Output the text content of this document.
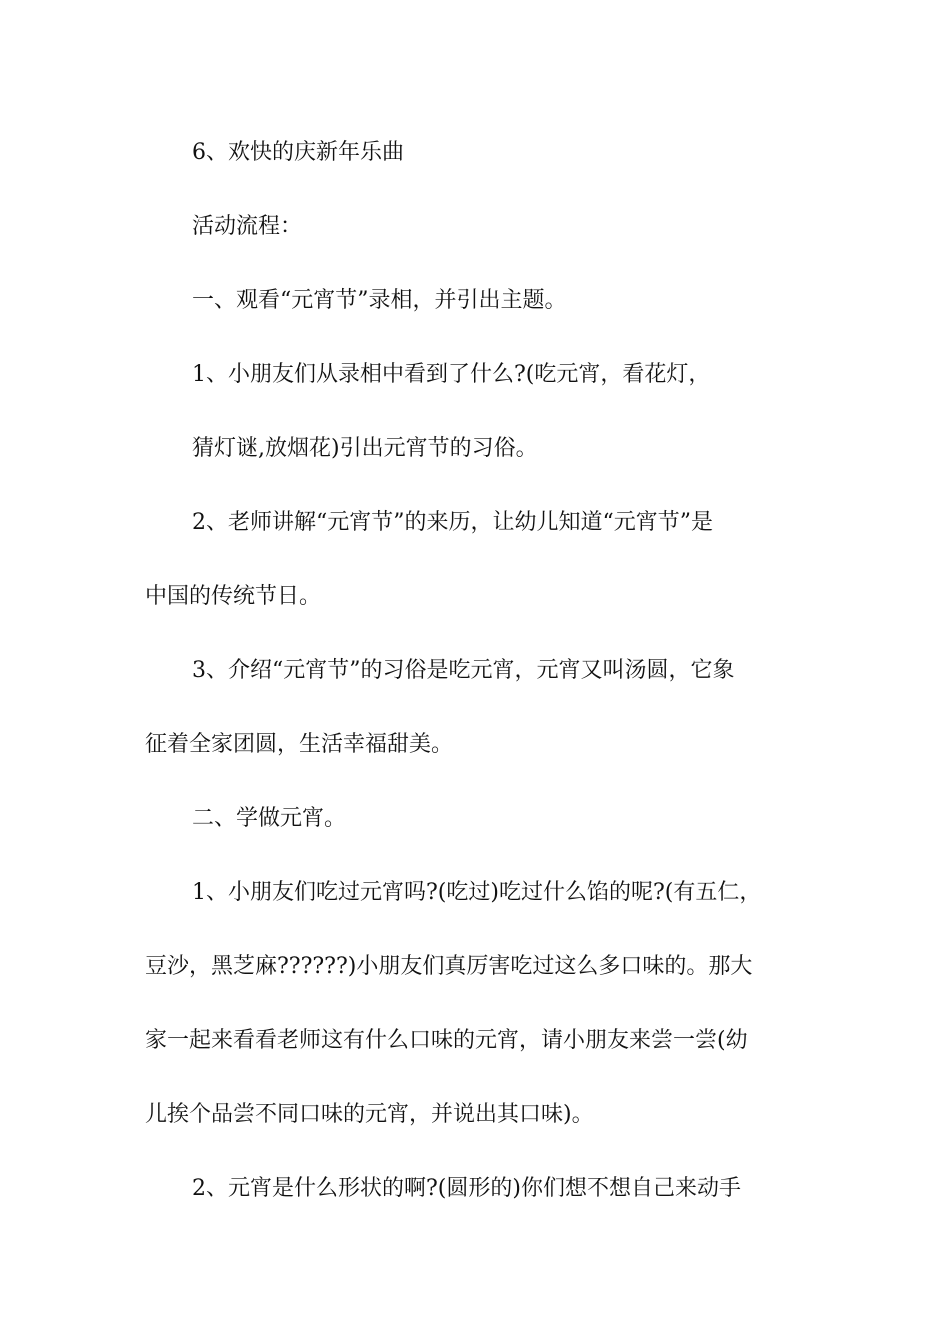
6、欢快的庆新年乐曲
活动流程：
一、观看“元宵节”录相，并引出主题。
1、小朋友们从录相中看到了什么?(吃元宵，看花灯，
猜灯谜,放烟花)引出元宵节的习俗。
2、老师讲解“元宵节”的来历，让幼儿知道“元宵节”是
中国的传统节日。
3、介绍“元宵节”的习俗是吃元宵，元宵又叫汤圆，它象
征着全家团圆，生活幸福甜美。
二、学做元宵。
1、小朋友们吃过元宵吗?(吃过)吃过什么馅的呢?(有五仁，
豆沙，黑芝麻??????)小朋友们真厉害吃过这么多口味的。那大
家一起来看看老师这有什么口味的元宵，请小朋友来尝一尝(幼
儿挨个品尝不同口味的元宵，并说出其口味)。
2、元宵是什么形状的啊?(圆形的)你们想不想自己来动手
